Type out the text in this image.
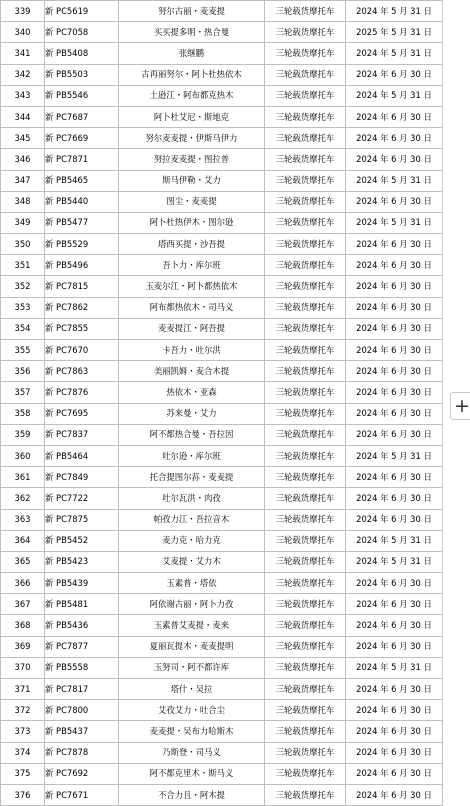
339	新 PC5619	努尔古丽・麦麦提	三轮载货摩托车	2024 年 5 月 31 日
340	新 PC7058	买买提多明・热合曼	三轮载货摩托车	2025 年 5 月 31 日
341	新 PB5408	张继鹏	三轮载货摩托车	2024 年 5 月 31 日
342	新 PB5503	古再丽努尔・阿卜杜热依木	三轮载货摩托车	2024 年 6 月 30 日
343	新 PB5546	土逊江・阿布都克热木	三轮载货摩托车	2024 年 5 月 31 日
344	新 PC7687	阿卜杜艾尼・斯地克	三轮载货摩托车	2024 年 6 月 30 日
345	新 PC7669	努尔麦麦提・伊斯马伊力	三轮载货摩托车	2024 年 6 月 30 日
346	新 PC7871	努拉麦麦提・图拉普	三轮载货摩托车	2024 年 6 月 30 日
347	新 PB5465	斯马伊勒・艾力	三轮载货摩托车	2024 年 5 月 31 日
348	新 PB5440	图尘・麦麦提	三轮载货摩托车	2024 年 6 月 30 日
349	新 PB5477	阿卜杜热伊木・图尔逊	三轮载货摩托车	2024 年 5 月 31 日
350	新 PB5529	塔西买提・沙吾提	三轮载货摩托车	2024 年 6 月 30 日
351	新 PB5496	吾卜力・库尔班	三轮载货摩托车	2024 年 6 月 30 日
352	新 PC7815	玉麦尔江・阿卜都热依木	三轮载货摩托车	2024 年 6 月 30 日
353	新 PC7862	阿布都热依木・司马义	三轮载货摩托车	2024 年 6 月 30 日
354	新 PC7855	麦麦提江・阿吾提	三轮载货摩托车	2024 年 6 月 30 日
355	新 PC7670	卡吾力・吐尔洪	三轮载货摩托车	2024 年 6 月 30 日
356	新 PC7863	美丽凯姆・麦合木提	三轮载货摩托车	2024 年 6 月 30 日
357	新 PC7876	热依木・亚森	三轮载货摩托车	2024 年 6 月 30 日
358	新 PC7695	苏来曼・艾力	三轮载货摩托车	2024 年 6 月 30 日
359	新 PC7837	阿不都热合曼・吾拉因	三轮载货摩托车	2024 年 6 月 30 日
360	新 PB5464	吐尔逊・库尔班	三轮载货摩托车	2024 年 5 月 31 日
361	新 PC7849	托合提图尔荪・麦麦提	三轮载货摩托车	2024 年 6 月 30 日
362	新 PC7722	吐尔瓦洪・肉孜	三轮载货摩托车	2024 年 6 月 30 日
363	新 PC7875	帕孜力江・吾拉音木	三轮载货摩托车	2024 年 6 月 30 日
364	新 PB5452	麦力克・哈力克	三轮载货摩托车	2024 年 5 月 31 日
365	新 PB5423	艾麦提・艾力木	三轮载货摩托车	2024 年 5 月 31 日
366	新 PB5439	玉素普・塔依	三轮载货摩托车	2024 年 6 月 30 日
367	新 PB5481	阿依谢古丽・阿卜力孜	三轮载货摩托车	2024 年 6 月 30 日
368	新 PB5436	玉素普艾麦提・麦来	三轮载货摩托车	2024 年 6 月 30 日
369	新 PC7877	夏丽瓦提木・麦麦提明	三轮载货摩托车	2024 年 6 月 30 日
370	新 PB5558	玉努司・阿不都许库	三轮载货摩托车	2024 年 5 月 31 日
371	新 PC7817	塔什・吴拉	三轮载货摩托车	2024 年 6 月 30 日
372	新 PC7800	艾孜艾力・吐合尘	三轮载货摩托车	2024 年 6 月 30 日
373	新 PB5437	麦麦提・吴布力哈斯木	三轮载货摩托车	2024 年 6 月 30 日
374	新 PC7878	乃斯登・司马义	三轮载货摩托车	2024 年 6 月 30 日
375	新 PC7692	阿不都克里木・斯马义	三轮载货摩托车	2024 年 6 月 30 日
376	新 PC7671	不合力且・阿木提	三轮载货摩托车	2024 年 6 月 30 日
+
